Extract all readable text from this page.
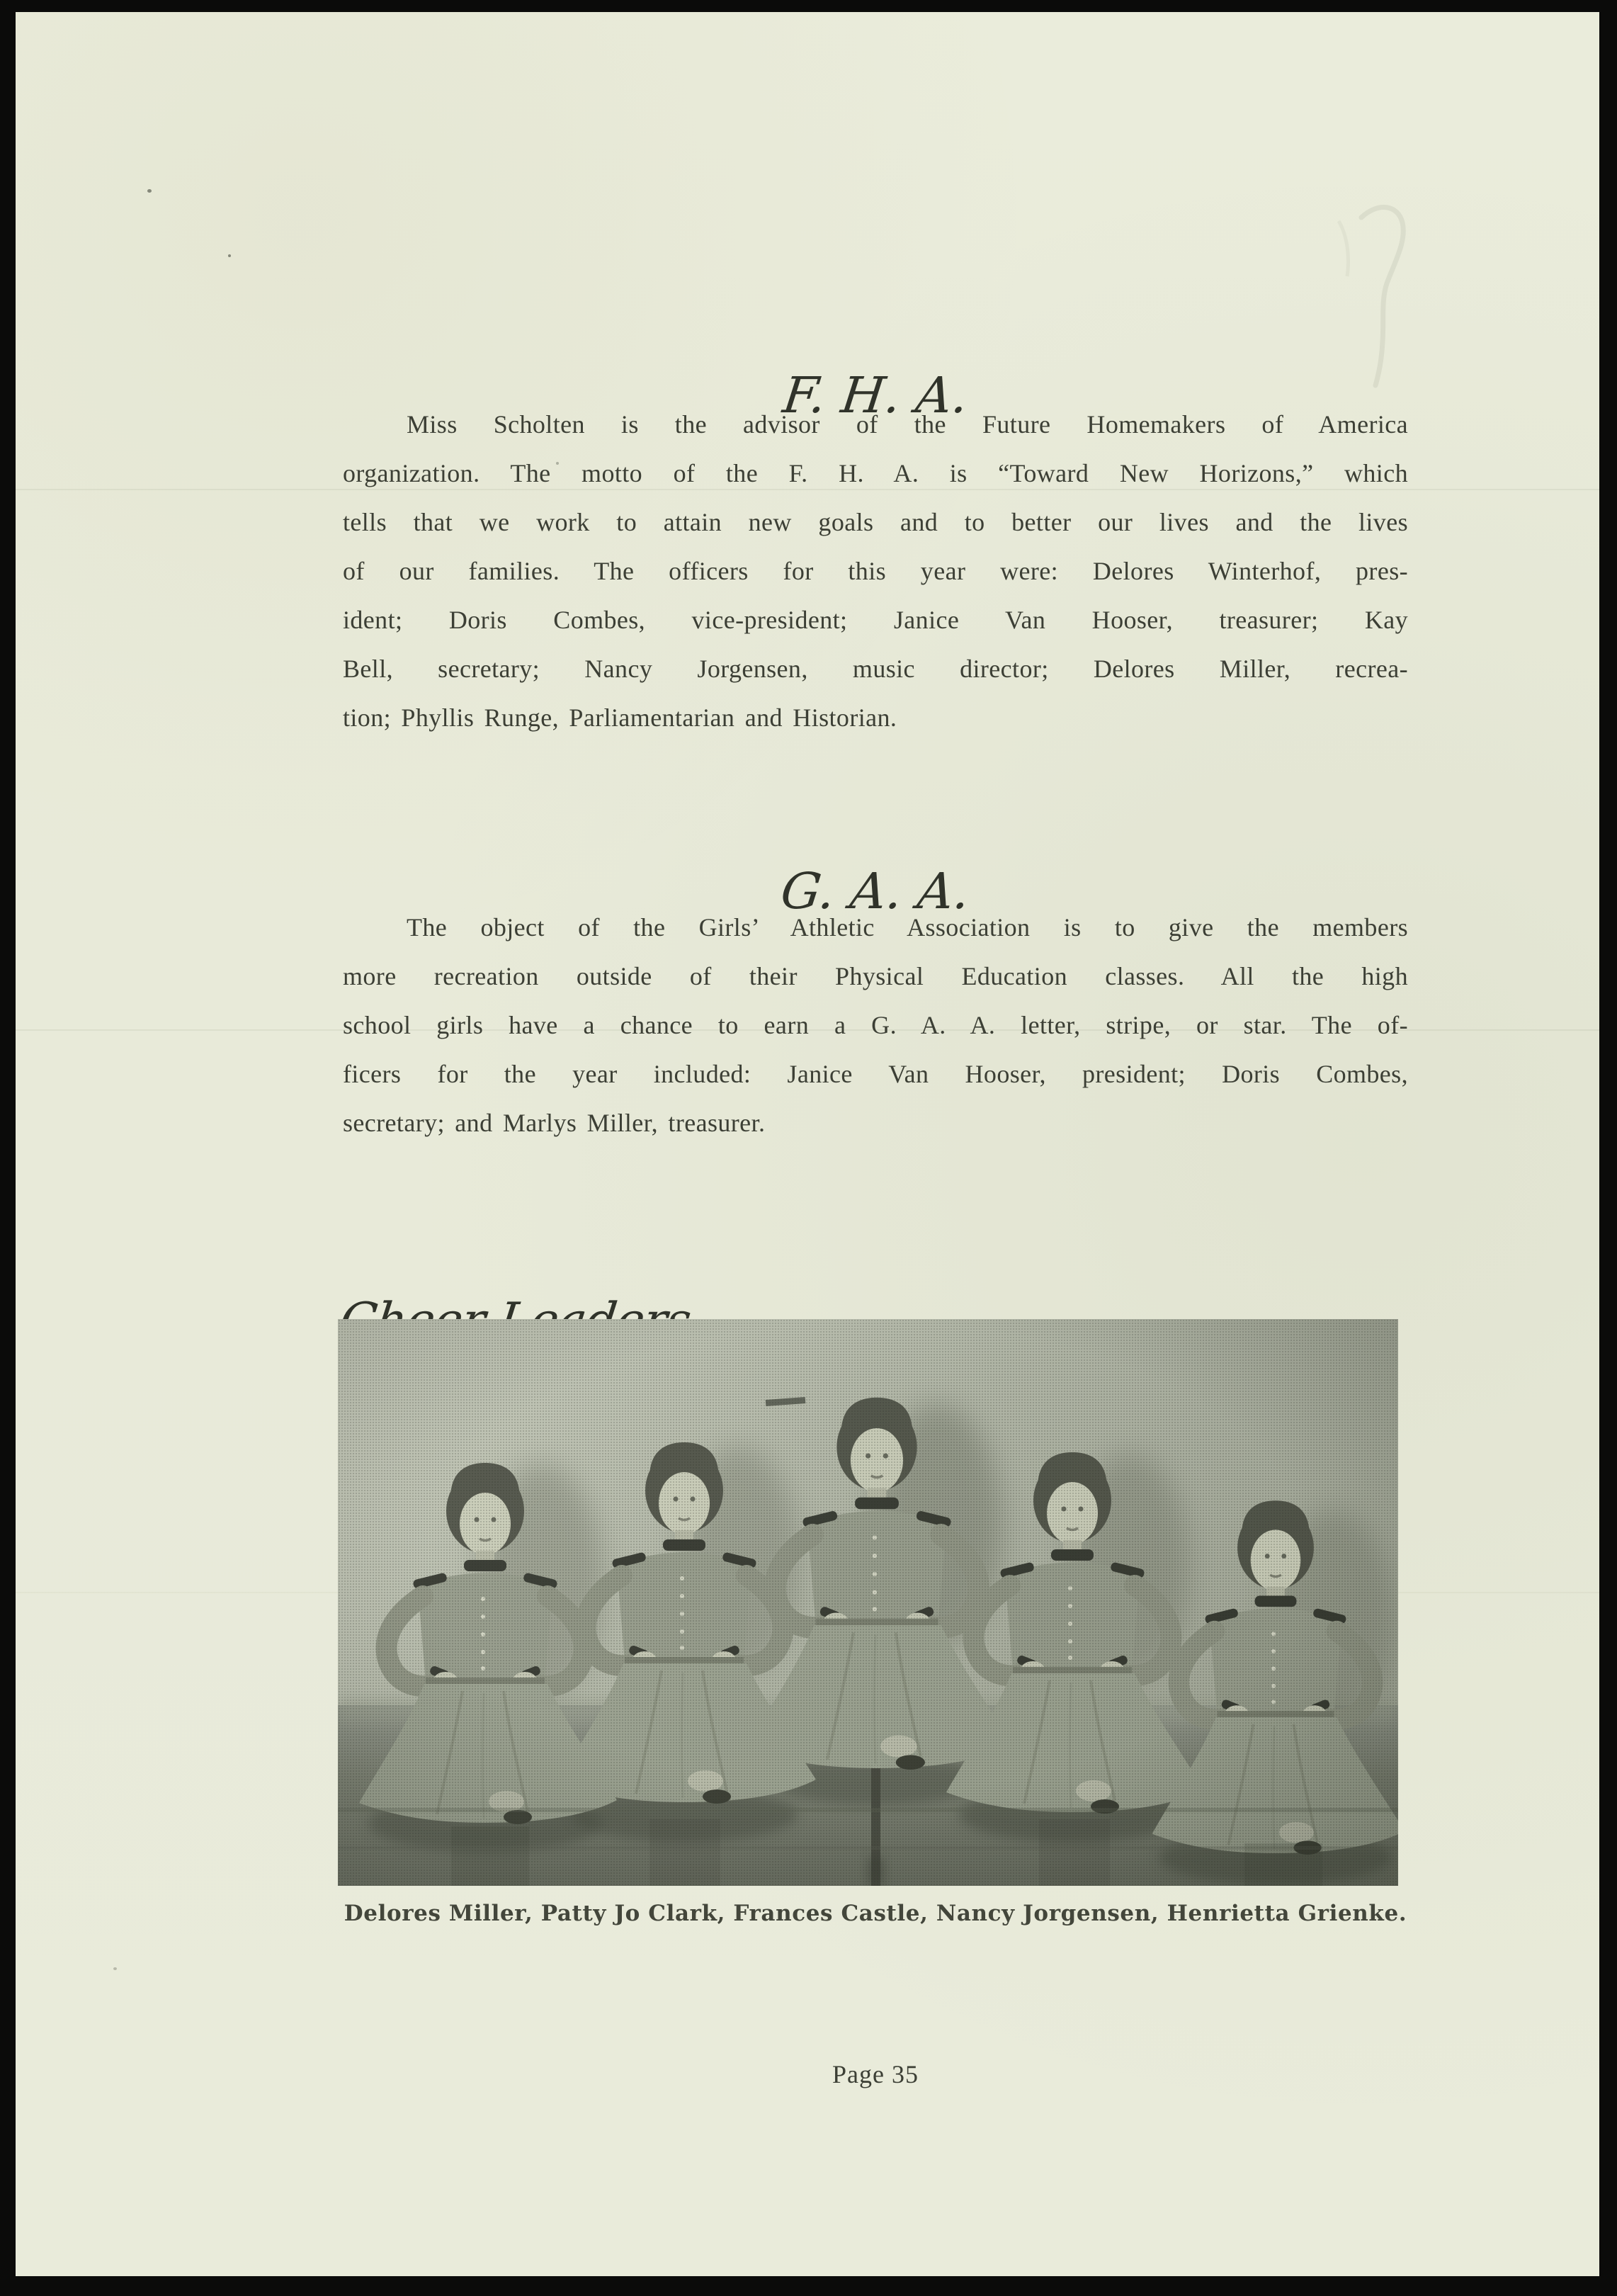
F. H. A.
Miss Scholten is the advisor of the Future Homemakers of America
organization. The motto of the F. H. A. is “Toward New Horizons,” which
tells that we work to attain new goals and to better our lives and the lives
of our families. The officers for this year were: Delores Winterhof, pres-
ident; Doris Combes, vice-president; Janice Van Hooser, treasurer; Kay
Bell, secretary; Nancy Jorgensen, music director; Delores Miller, recrea-
tion; Phyllis Runge, Parliamentarian and Historian.
G. A. A.
The object of the Girls’ Athletic Association is to give the members
more recreation outside of their Physical Education classes. All the high
school girls have a chance to earn a G. A. A. letter, stripe, or star. The of-
ficers for the year included: Janice Van Hooser, president; Doris Combes,
secretary; and Marlys Miller, treasurer.
Delores Miller, Patty Jo Clark, Frances Castle, Nancy Jorgensen, Henrietta Grienke.
Page 35
